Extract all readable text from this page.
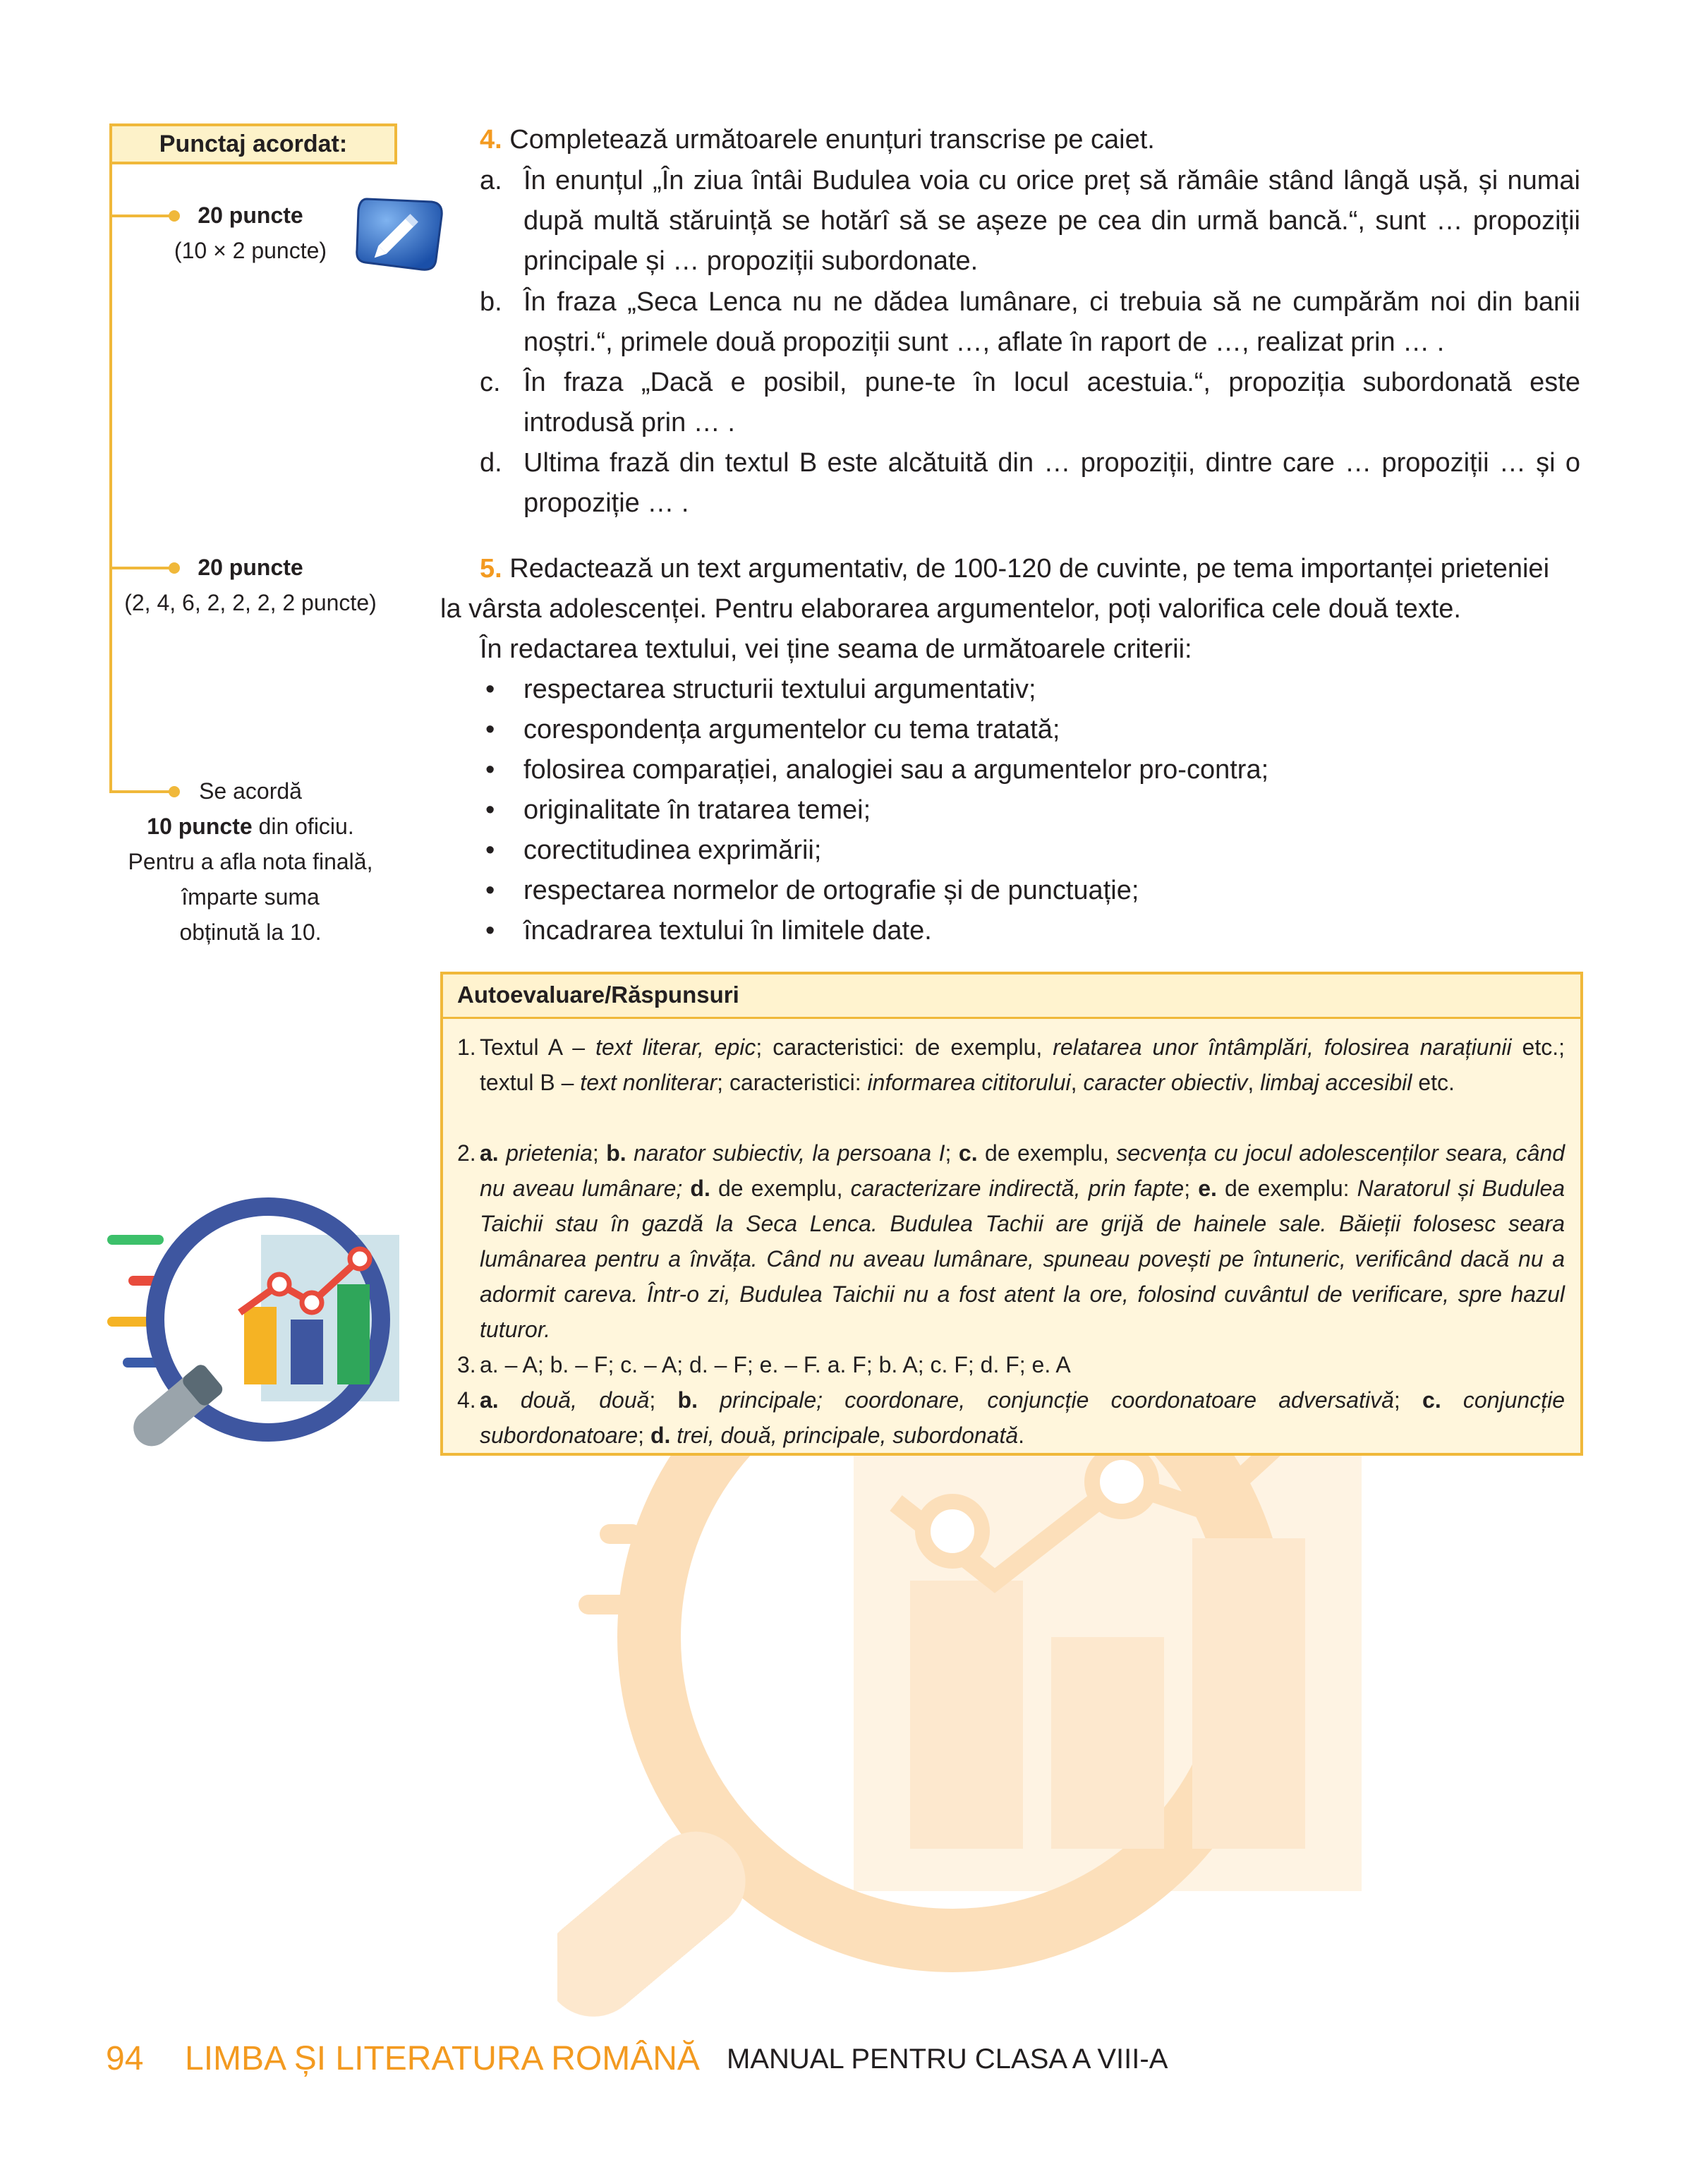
Punctaj acordat:
20 puncte
(10 × 2 puncte)
20 puncte
(2, 4, 6, 2, 2, 2, 2 puncte)
Se acordă
10 puncte din oficiu.
Pentru a afla nota finală,
împarte suma
obținută la 10.
4. Completează următoarele enunțuri transcrise pe caiet.
a. În enunțul „În ziua întâi Budulea voia cu orice preț să rămâie stând lângă ușă, și numai după multă stăruință se hotărî să se așeze pe cea din urmă bancă.“, sunt … propoziții principale și … propoziții subordonate.
b. În fraza „Seca Lenca nu ne dădea lumânare, ci trebuia să ne cumpărăm noi din banii noștri.“, primele două propoziții sunt …, aflate în raport de …, realizat prin … .
c. În fraza „Dacă e posibil, pune-te în locul acestuia.“, propoziția subordonată este introdusă prin … .
d. Ultima frază din textul B este alcătuită din … propoziții, dintre care … propoziții … și o propoziție … .
5. Redactează un text argumentativ, de 100-120 de cuvinte, pe tema importanței prieteniei
la vârsta adolescenței. Pentru elaborarea argumentelor, poți valorifica cele două texte.
În redactarea textului, vei ține seama de următoarele criterii:
• respectarea structurii textului argumentativ;
• corespondența argumentelor cu tema tratată;
• folosirea comparației, analogiei sau a argumentelor pro-contra;
• originalitate în tratarea temei;
• corectitudinea exprimării;
• respectarea normelor de ortografie și de punctuație;
• încadrarea textului în limitele date.
Autoevaluare/Răspunsuri
1. Textul A – text literar, epic; caracteristici: de exemplu, relatarea unor întâmplări, folosirea narațiunii etc.; textul B – text nonliterar; caracteristici: informarea cititorului, caracter obiectiv, limbaj accesibil etc.
2. a. prietenia; b. narator subiectiv, la persoana I; c. de exemplu, secvența cu jocul adolescenților seara, când nu aveau lumânare; d. de exemplu, caracterizare indirectă, prin fapte; e. de exemplu: Naratorul și Budulea Taichii stau în gazdă la Seca Lenca. Budulea Tachii are grijă de hainele sale. Băieții folosesc seara lumânarea pentru a învăța. Când nu aveau lumânare, spuneau povești pe întuneric, verificând dacă nu a adormit careva. Într-o zi, Budulea Taichii nu a fost atent la ore, folosind cuvântul de verificare, spre hazul tuturor.
3. a. – A; b. – F; c. – A; d. – F; e. – F. a. F; b. A; c. F; d. F; e. A
4. a. două, două; b. principale; coordonare, conjuncție coordonatoare adversativă; c. conjuncție subordonatoare; d. trei, două, principale, subordonată.
94 LIMBA ȘI LITERATURA ROMÂNĂ MANUAL PENTRU CLASA A VIII-A
